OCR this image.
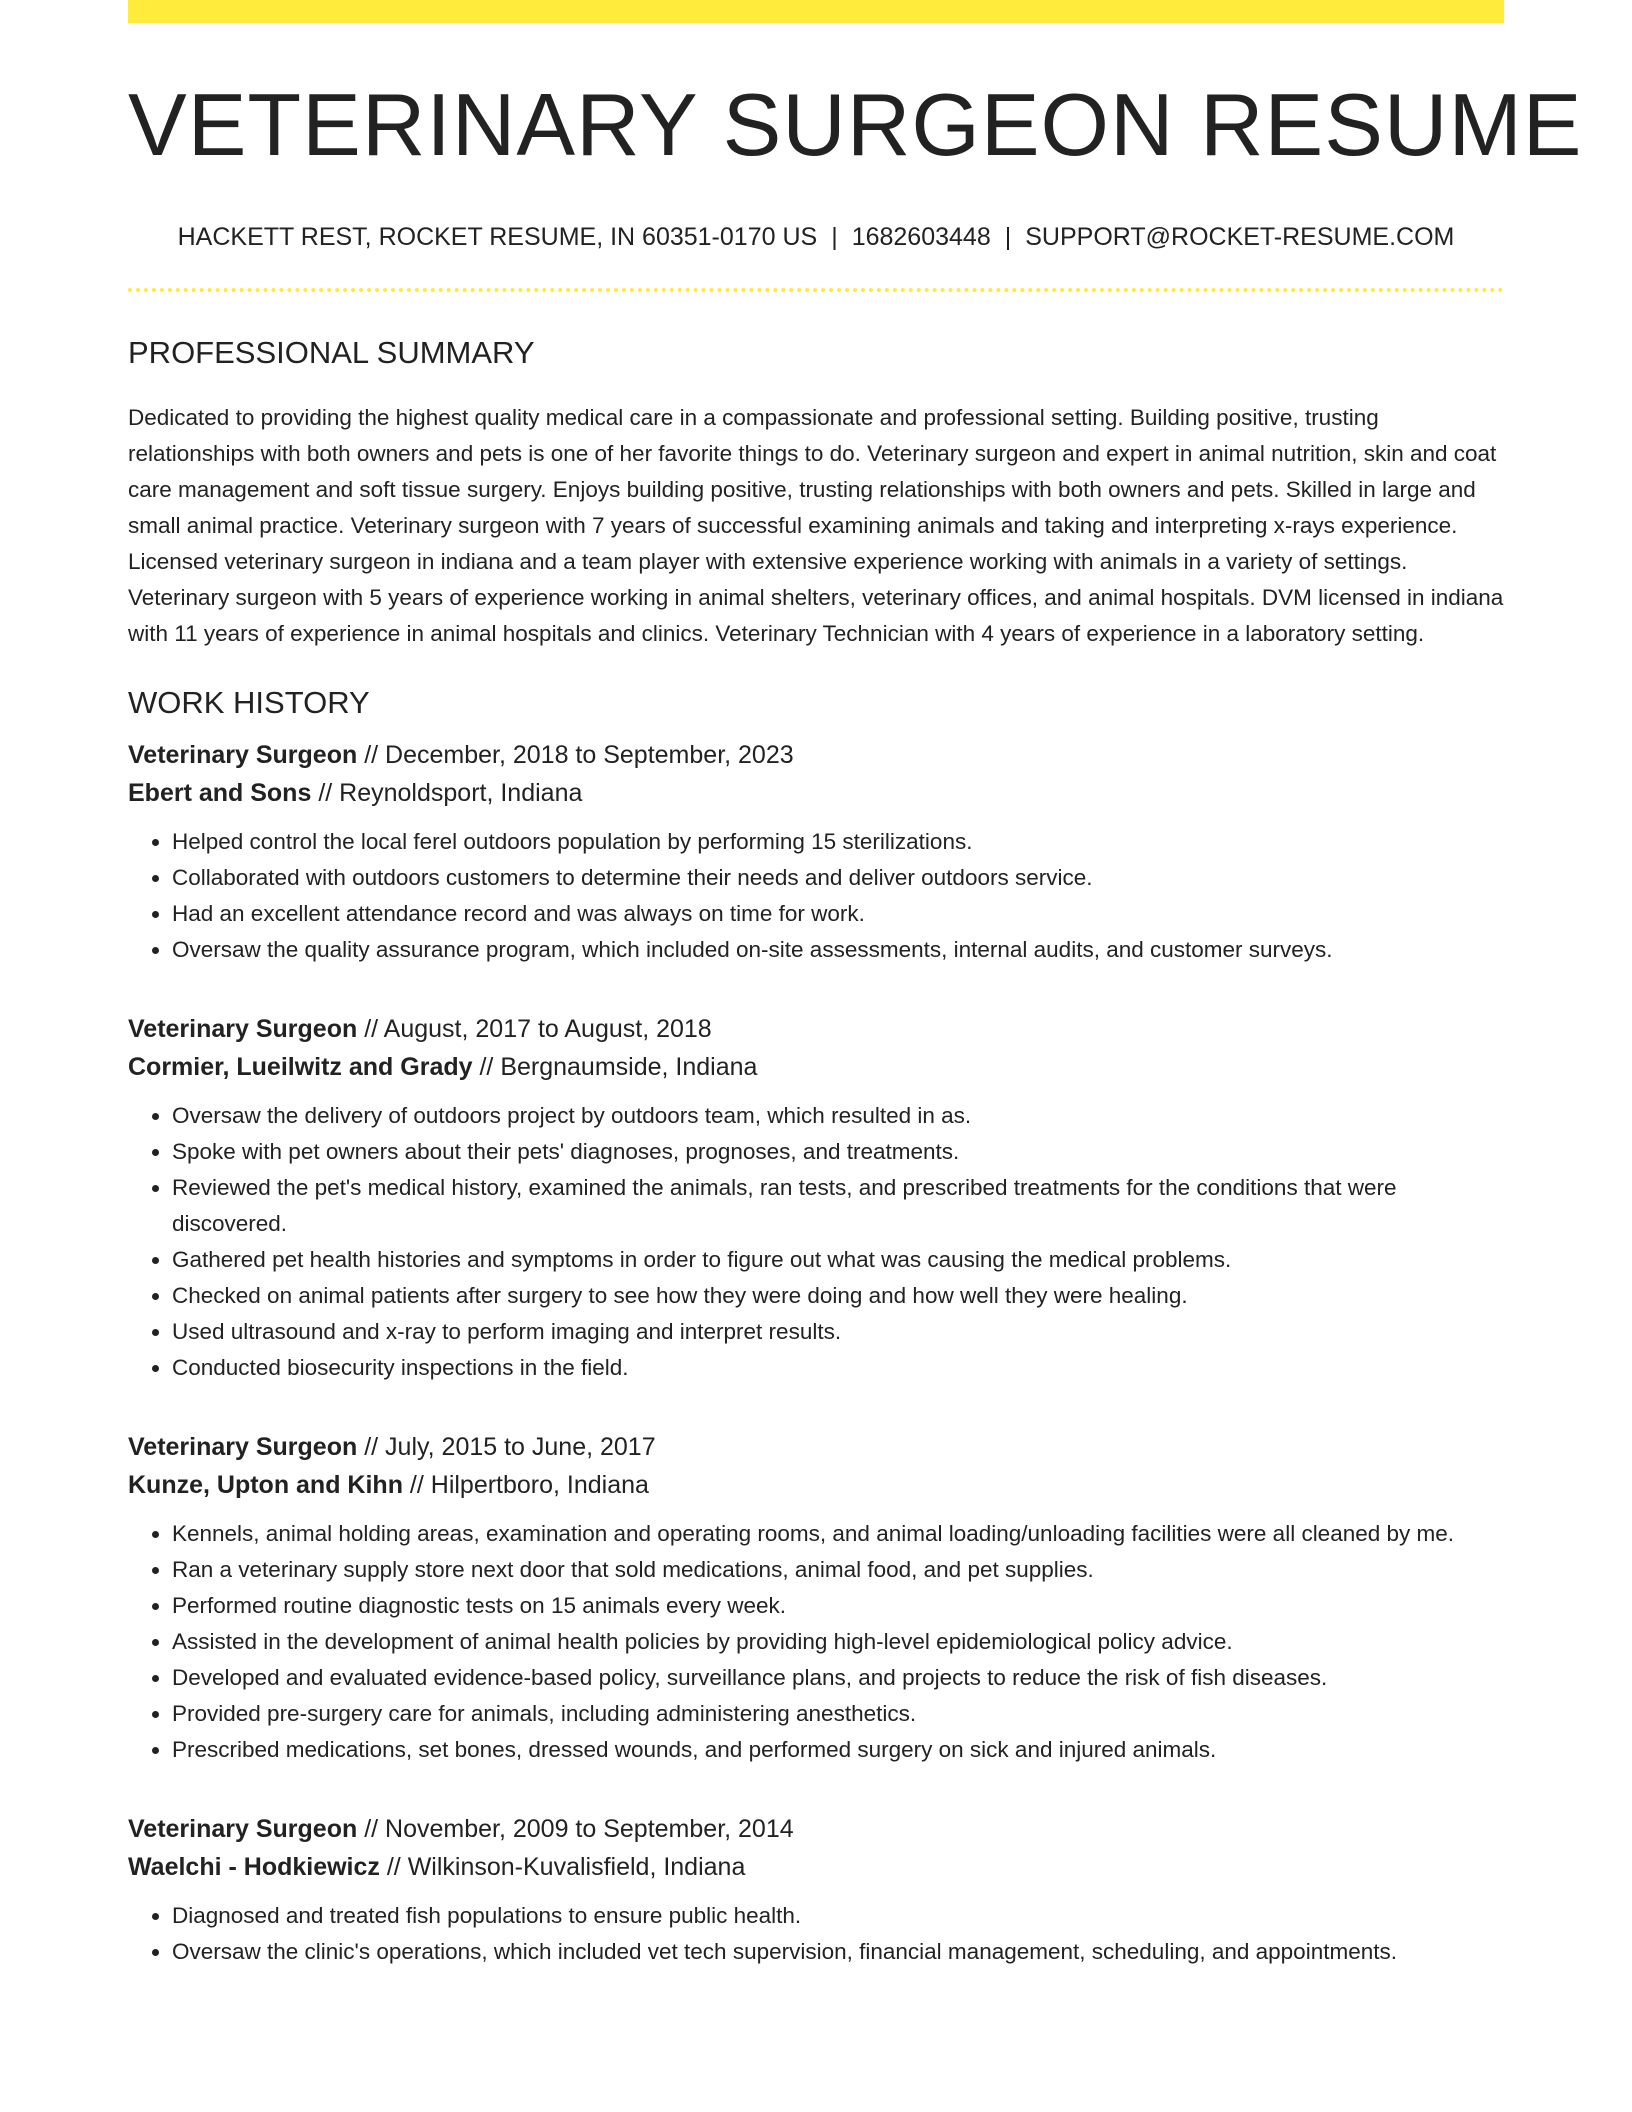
VETERINARY SURGEON RESUME
HACKETT REST, ROCKET RESUME, IN 60351-0170 US | 1682603448 | SUPPORT@ROCKET-RESUME.COM
PROFESSIONAL SUMMARY
Dedicated to providing the highest quality medical care in a compassionate and professional setting. Building positive, trusting relationships with both owners and pets is one of her favorite things to do. Veterinary surgeon and expert in animal nutrition, skin and coat care management and soft tissue surgery. Enjoys building positive, trusting relationships with both owners and pets. Skilled in large and small animal practice. Veterinary surgeon with 7 years of successful examining animals and taking and interpreting x-rays experience. Licensed veterinary surgeon in indiana and a team player with extensive experience working with animals in a variety of settings. Veterinary surgeon with 5 years of experience working in animal shelters, veterinary offices, and animal hospitals. DVM licensed in indiana with 11 years of experience in animal hospitals and clinics. Veterinary Technician with 4 years of experience in a laboratory setting.
WORK HISTORY
Veterinary Surgeon // December, 2018 to September, 2023
Ebert and Sons // Reynoldsport, Indiana
• Helped control the local ferel outdoors population by performing 15 sterilizations.
• Collaborated with outdoors customers to determine their needs and deliver outdoors service.
• Had an excellent attendance record and was always on time for work.
• Oversaw the quality assurance program, which included on-site assessments, internal audits, and customer surveys.
Veterinary Surgeon // August, 2017 to August, 2018
Cormier, Lueilwitz and Grady // Bergnaumside, Indiana
• Oversaw the delivery of outdoors project by outdoors team, which resulted in as.
• Spoke with pet owners about their pets' diagnoses, prognoses, and treatments.
• Reviewed the pet's medical history, examined the animals, ran tests, and prescribed treatments for the conditions that were discovered.
• Gathered pet health histories and symptoms in order to figure out what was causing the medical problems.
• Checked on animal patients after surgery to see how they were doing and how well they were healing.
• Used ultrasound and x-ray to perform imaging and interpret results.
• Conducted biosecurity inspections in the field.
Veterinary Surgeon // July, 2015 to June, 2017
Kunze, Upton and Kihn // Hilpertboro, Indiana
• Kennels, animal holding areas, examination and operating rooms, and animal loading/unloading facilities were all cleaned by me.
• Ran a veterinary supply store next door that sold medications, animal food, and pet supplies.
• Performed routine diagnostic tests on 15 animals every week.
• Assisted in the development of animal health policies by providing high-level epidemiological policy advice.
• Developed and evaluated evidence-based policy, surveillance plans, and projects to reduce the risk of fish diseases.
• Provided pre-surgery care for animals, including administering anesthetics.
• Prescribed medications, set bones, dressed wounds, and performed surgery on sick and injured animals.
Veterinary Surgeon // November, 2009 to September, 2014
Waelchi - Hodkiewicz // Wilkinson-Kuvalisfield, Indiana
• Diagnosed and treated fish populations to ensure public health.
• Oversaw the clinic's operations, which included vet tech supervision, financial management, scheduling, and appointments.
